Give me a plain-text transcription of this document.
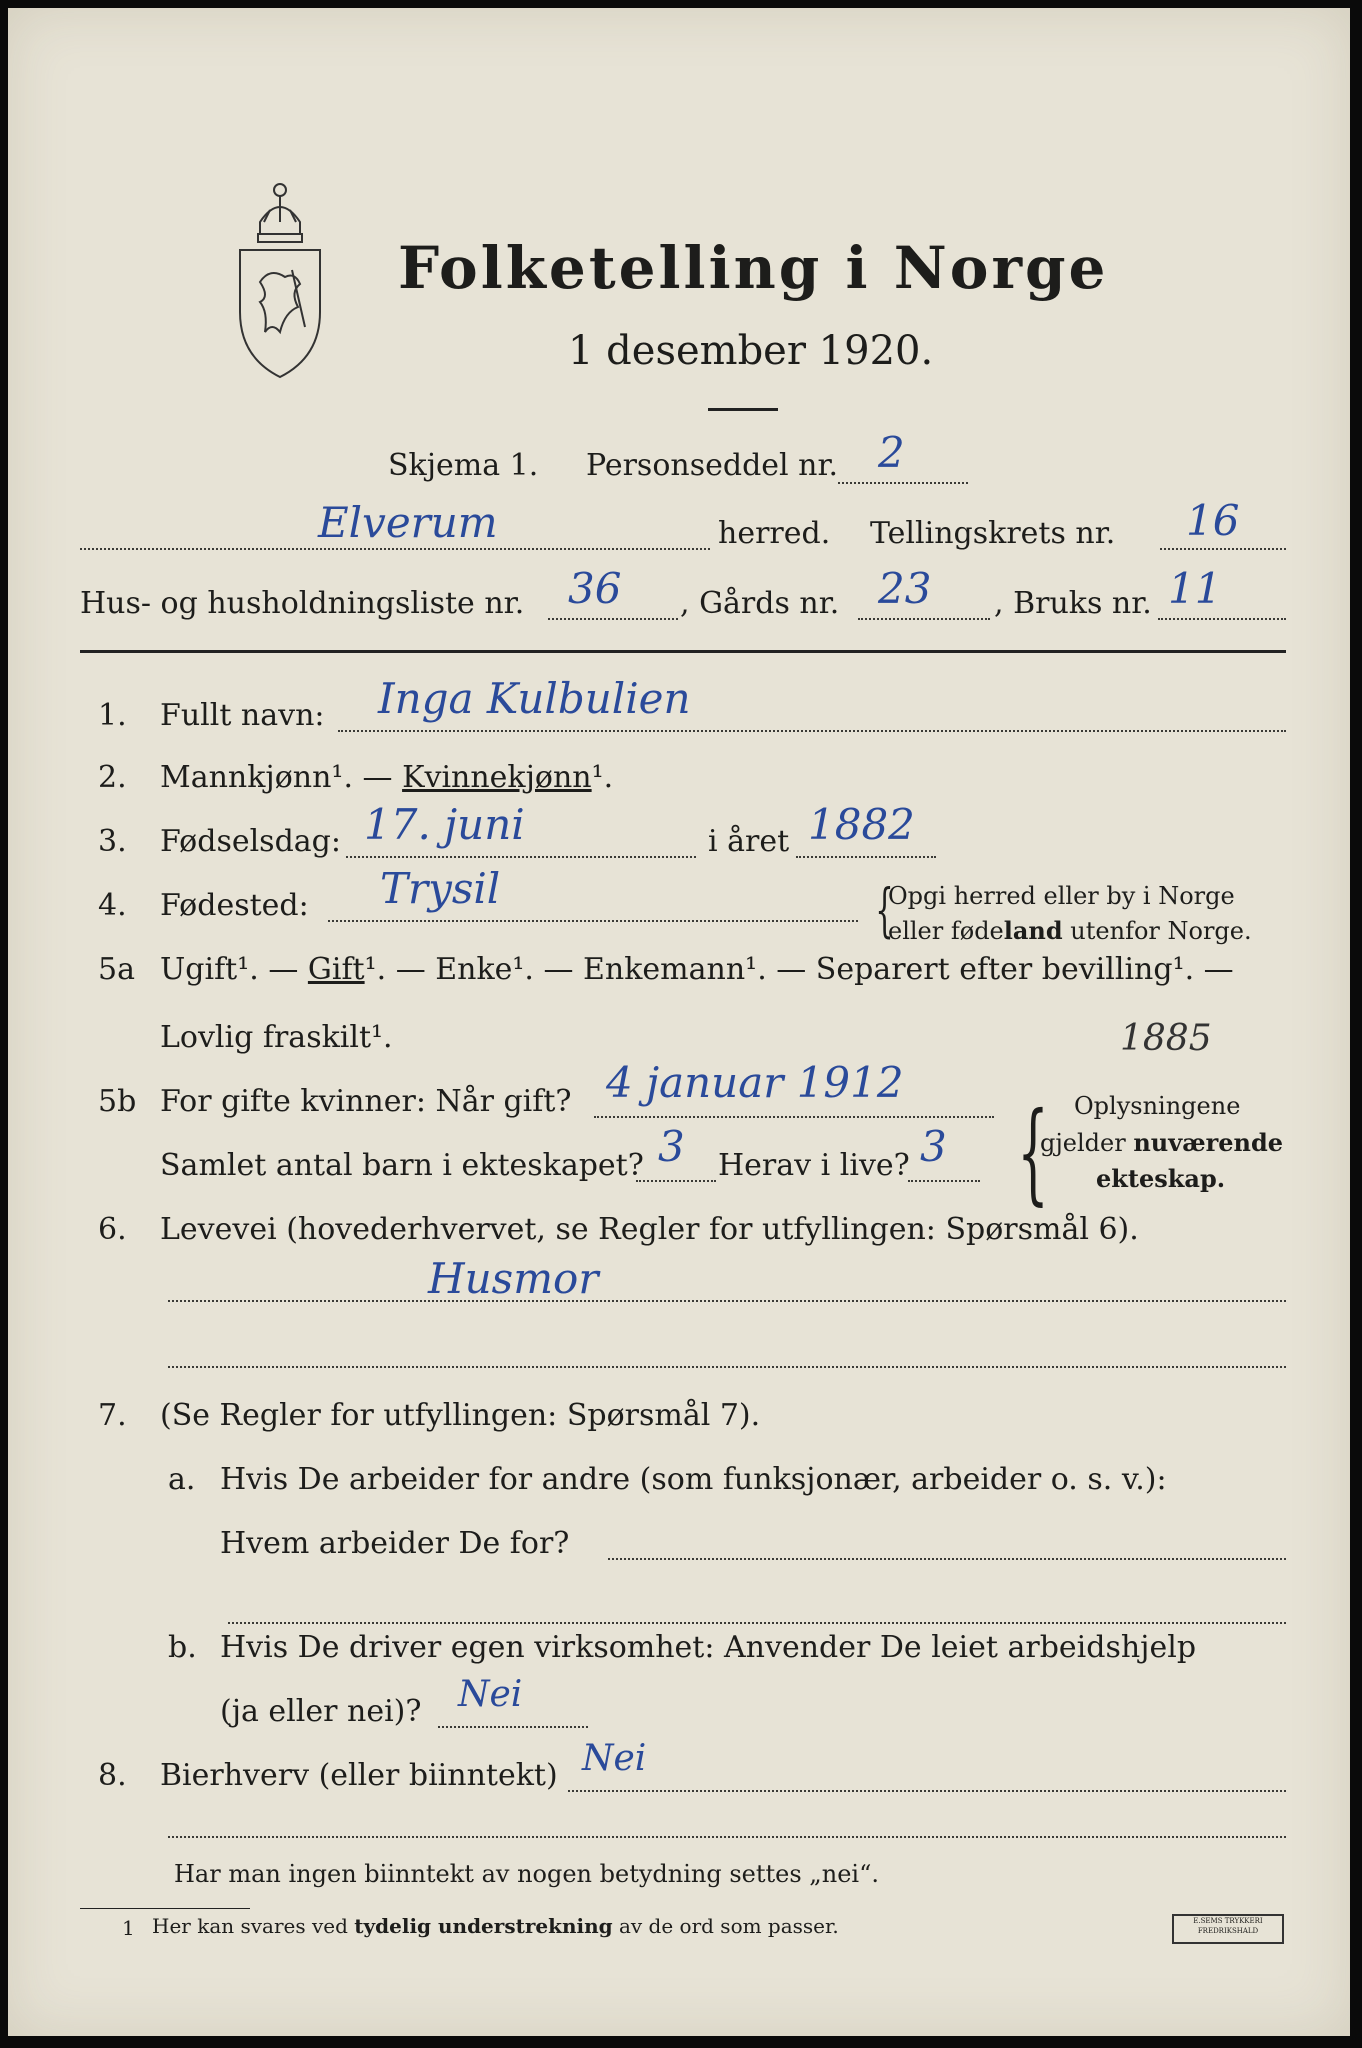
Folketelling i Norge
1 desember 1920.
Skjema 1. Personseddel nr. 2
Elverum	herred. Tellingskrets nr. 16
Hus- og husholdningsliste nr. 36 , Gårds nr. 23 , Bruks nr. 11
1. Fullt navn: Inga Kulbulien
2. Mannkjønn¹. — Kvinnekjønn¹.
3. Fødselsdag: 17. juni	i året 1882
4. Fødested: Trysil	{
Opgi herred eller by i Norge
eller fødeland utenfor Norge.
5a Ugift¹. — Gift¹. — Enke¹. — Enkemann¹. — Separert efter bevilling¹. —
Lovlig fraskilt¹.	1885
5b For gifte kvinner: Når gift? 4 januar 1912
Samlet antal barn i ekteskapet? 3 Herav i live? 3 { Oplysningene
gjelder nuværende
ekteskap.
6. Levevei (hovederhvervet, se Regler for utfyllingen: Spørsmål 6).
Husmor
7. (Se Regler for utfyllingen: Spørsmål 7).
a. Hvis De arbeider for andre (som funksjonær, arbeider o. s. v.):
Hvem arbeider De for?
b. Hvis De driver egen virksomhet: Anvender De leiet arbeidshjelp
(ja eller nei)? Nei
8. Bierhverv (eller biinntekt) Nei
Har man ingen biinntekt av nogen betydning settes „nei“.
1 Her kan svares ved tydelig understrekning av de ord som passer.	E.SEMS TRYKKERI
FREDRIKSHALD
